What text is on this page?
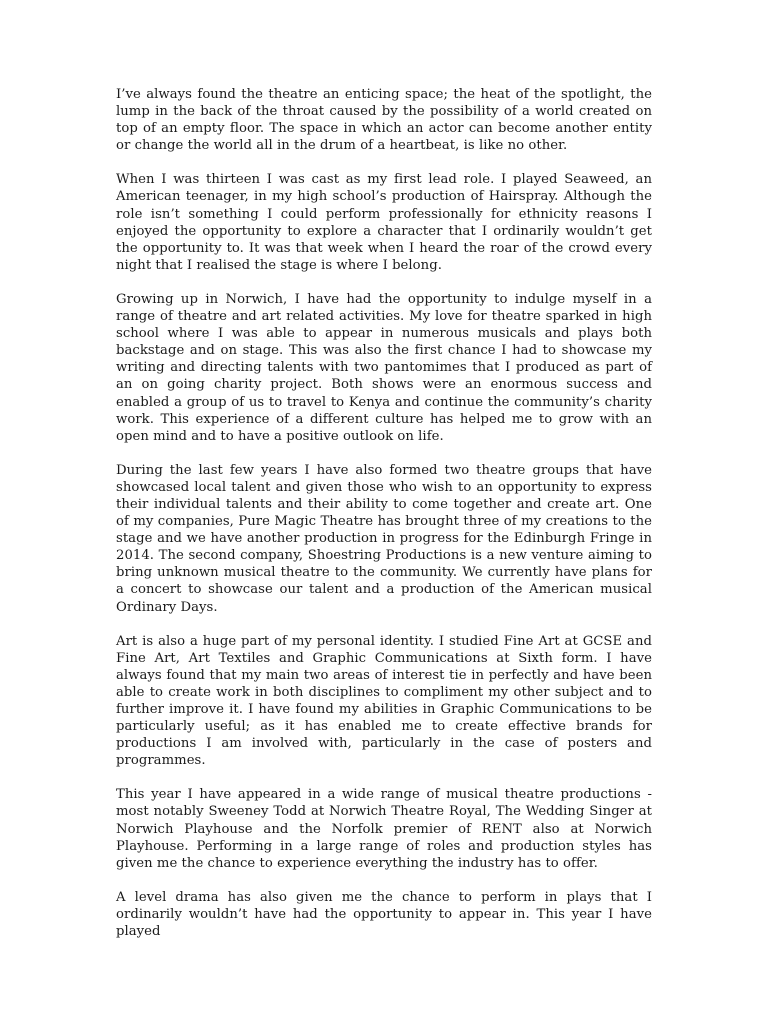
I’ve always found the theatre an enticing space; the heat of the spotlight, the lump in the back of the throat caused by the possibility of a world created on top of an empty floor. The space in which an actor can become another entity or change the world all in the drum of a heartbeat, is like no other.

When I was thirteen I was cast as my first lead role. I played Seaweed, an American teenager, in my high school’s production of Hairspray. Although the role isn’t something I could perform professionally for ethnicity reasons I enjoyed the opportunity to explore a character that I ordinarily wouldn’t get the opportunity to. It was that week when I heard the roar of the crowd every night that I realised the stage is where I belong.

Growing up in Norwich, I have had the opportunity to indulge myself in a range of theatre and art related activities. My love for theatre sparked in high school where I was able to appear in numerous musicals and plays both backstage and on stage. This was also the first chance I had to showcase my writing and directing talents with two pantomimes that I produced as part of an on going charity project. Both shows were an enormous success and enabled a group of us to travel to Kenya and continue the community’s charity work. This experience of a different culture has helped me to grow with an open mind and to have a positive outlook on life.

During the last few years I have also formed two theatre groups that have showcased local talent and given those who wish to an opportunity to express their individual talents and their ability to come together and create art. One of my companies, Pure Magic Theatre has brought three of my creations to the stage and we have another production in progress for the Edinburgh Fringe in 2014. The second company, Shoestring Productions is a new venture aiming to bring unknown musical theatre to the community. We currently have plans for a concert to showcase our talent and a production of the American musical Ordinary Days.

Art is also a huge part of my personal identity. I studied Fine Art at GCSE and Fine Art, Art Textiles and Graphic Communications at Sixth form. I have always found that my main two areas of interest tie in perfectly and have been able to create work in both disciplines to compliment my other subject and to further improve it. I have found my abilities in Graphic Communications to be particularly useful; as it has enabled me to create effective brands for productions I am involved with, particularly in the case of posters and programmes.

This year I have appeared in a wide range of musical theatre productions - most notably Sweeney Todd at Norwich Theatre Royal, The Wedding Singer at Norwich Playhouse and the Norfolk premier of RENT also at Norwich Playhouse. Performing in a large range of roles and production styles has given me the chance to experience everything the industry has to offer.

A level drama has also given me the chance to perform in plays that I ordinarily wouldn’t have had the opportunity to appear in. This year I have played
